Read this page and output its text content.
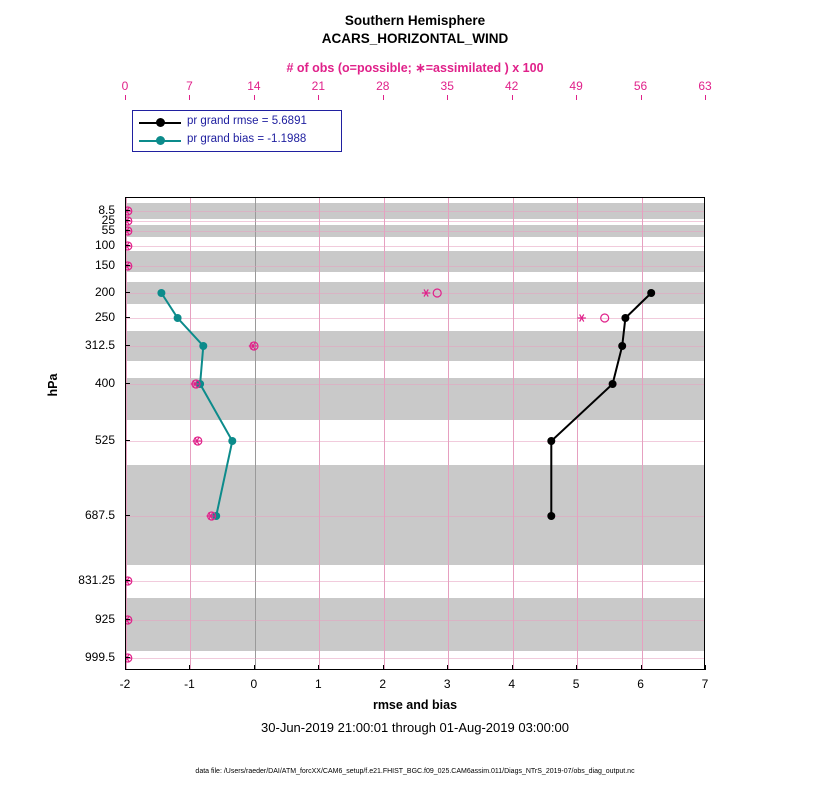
Southern Hemisphere
ACARS_HORIZONTAL_WIND
# of obs (o=possible; ∗=assimilated ) x 100
hPa
rmse and bias
30-Jun-2019 21:00:01 through 01-Aug-2019 03:00:00
data file: /Users/raeder/DAI/ATM_forcXX/CAM6_setup/f.e21.FHIST_BGC.f09_025.CAM6assim.011/Diags_NTrS_2019-07/obs_diag_output.nc
pr grand rmse = 5.6891
pr grand bias = -1.1988
-2	-1	0	1	2	3	4	5	6	7
0	7	14	21	28	35	42	49	56	63
8.5
25
55
100
150
200
250
312.5
400
525
687.5
831.25
925
999.5
